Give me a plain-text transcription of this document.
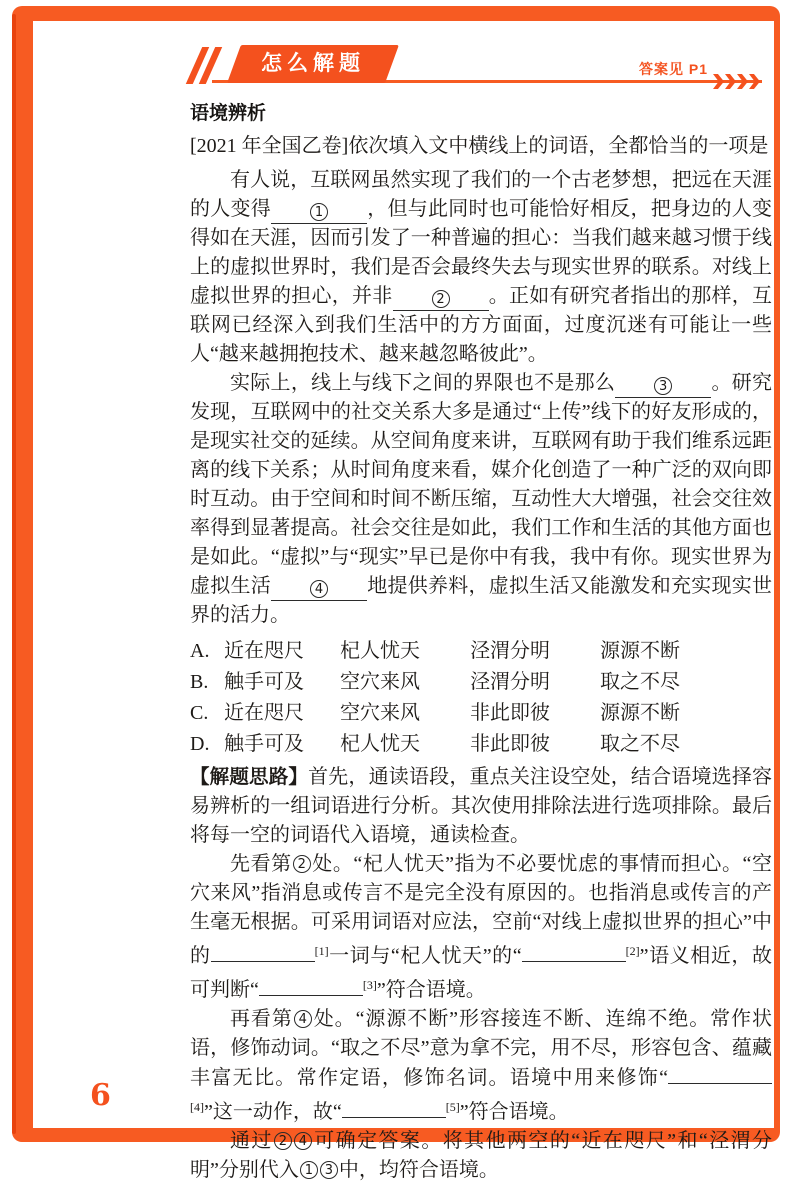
怎么解题	答案见 P1
语境辨析
[2021 年全国乙卷]依次填入文中横线上的词语，全都恰当的一项是

有人说，互联网虽然实现了我们的一个古老梦想，把远在天涯的人变得	1 ，但与此同时也可能恰好相反，把身边的人变得如在天涯，因而引发了一种普遍的担心：当我们越来越习惯于线上的虚拟世界时，我们是否会最终失去与现实世界的联系。对线上虚拟世界的担心，并非	2 。正如有研究者指出的那样，互联网已经深入到我们生活中的方方面面，过度沉迷有可能让一些人“越来越拥抱技术、越来越忽略彼此”。

实际上，线上与线下之间的界限也不是那么	3 。研究发现，互联网中的社交关系大多是通过“上传”线下的好友形成的，是现实社交的延续。从空间角度来讲，互联网有助于我们维系远距离的线下关系；从时间角度来看，媒介化创造了一种广泛的双向即时互动。由于空间和时间不断压缩，互动性大大增强，社会交往效率得到显著提高。社会交往是如此，我们工作和生活的其他方面也是如此。“虚拟”与“现实”早已是你中有我，我中有你。现实世界为虚拟生活	4 地提供养料，虚拟生活又能激发和充实现实世界的活力。

A. 近在咫尺	杞人忧天	泾渭分明	源源不断
B. 触手可及	空穴来风	泾渭分明	取之不尽
C. 近在咫尺	空穴来风	非此即彼	源源不断
D. 触手可及	杞人忧天	非此即彼	取之不尽

【解题思路】首先，通读语段，重点关注设空处，结合语境选择容易辨析的一组词语进行分析。其次使用排除法进行选项排除。最后将每一空的词语代入语境，通读检查。

先看第 2 处。“杞人忧天”指为不必要忧虑的事情而担心。“空穴来风”指消息或传言不是完全没有原因的。也指消息或传言的产生毫无根据。可采用词语对应法，空前“对线上虚拟世界的担心”中的	[1]一词与“杞人忧天”的“	[2]”语义相近，故可判断“	[3]”符合语境。

再看第 4 处。“源源不断”形容接连不断、连绵不绝。常作状语，修饰动词。“取之不尽”意为拿不完，用不尽，形容包含、蕴藏丰富无比。常作定语，修饰名词。语境中用来修饰“[4]”这一动作，故“	[5]”符合语境。

通过 2 4 可确定答案。将其他两空的“近在咫尺”和“泾渭分明”分别代入 1 3 中，均符合语境。

6
